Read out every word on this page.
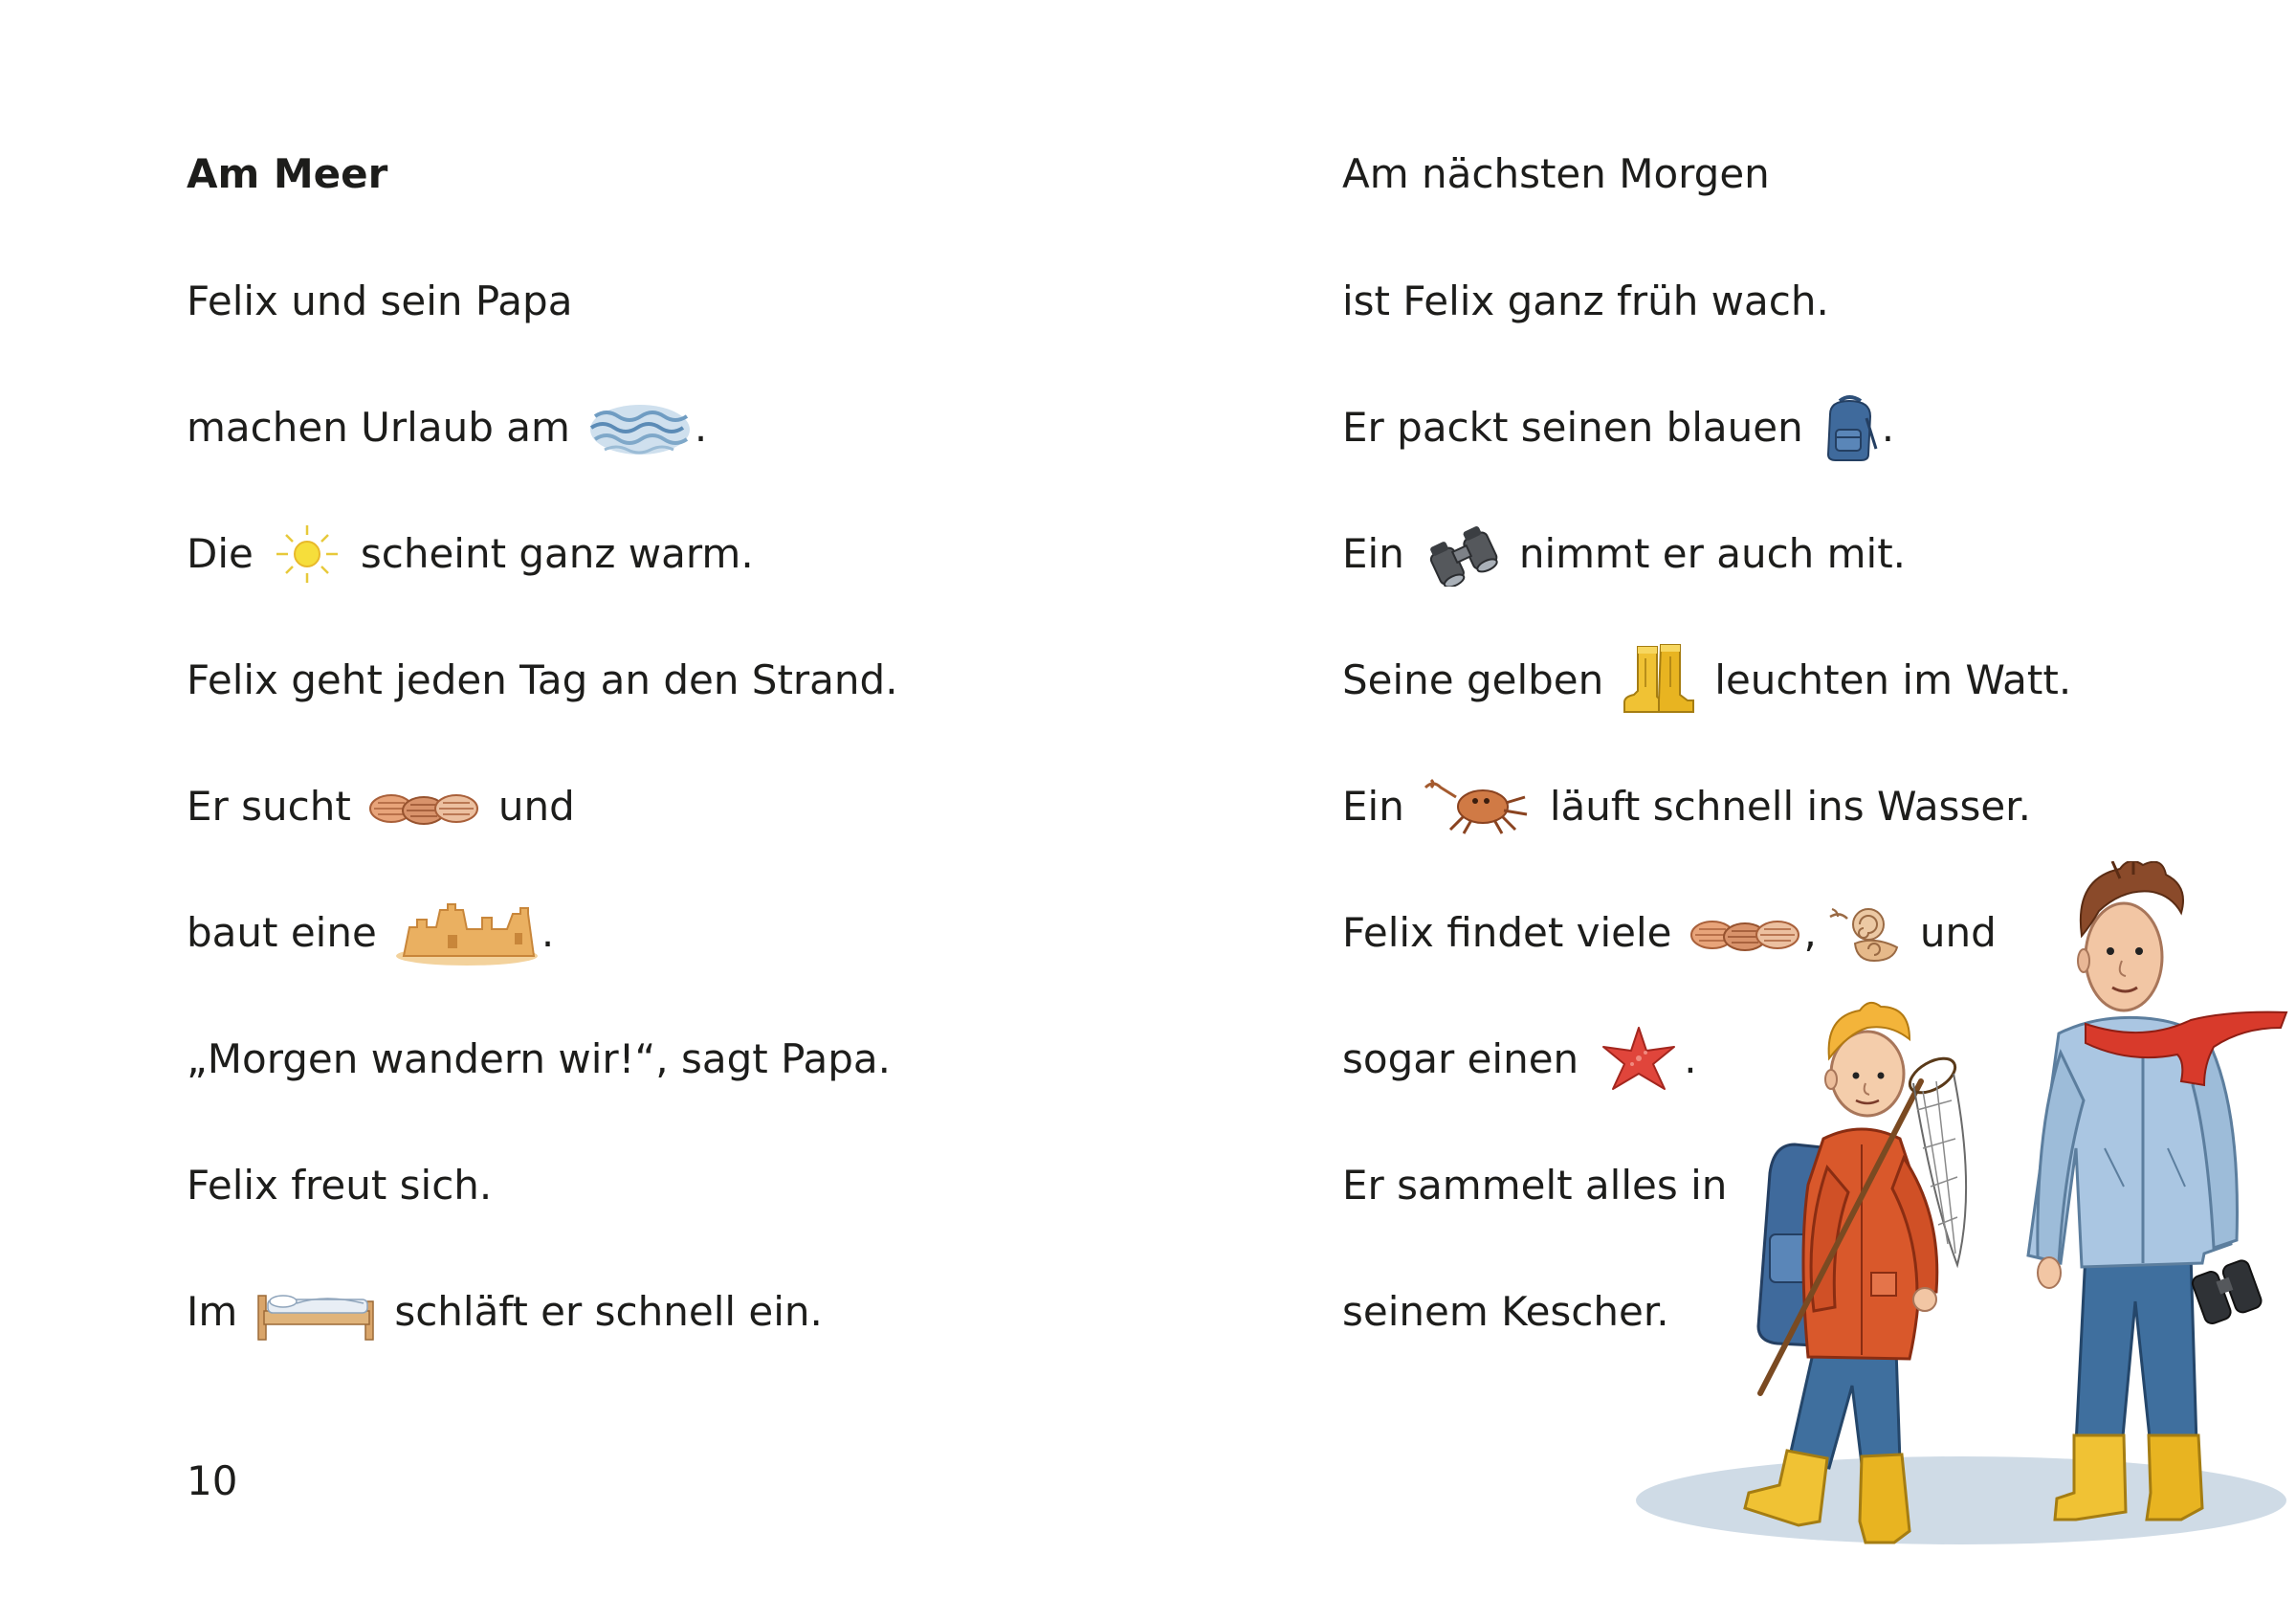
Am Meer
Felix und sein Papa
machen Urlaub am	.
Die	scheint ganz warm.
Felix geht jeden Tag an den Strand.
Er sucht	und
baut eine	.
„Morgen wandern wir!“, sagt Papa.
Felix freut sich.
Im	schläft er schnell ein.
10
Am nächsten Morgen
ist Felix ganz früh wach.
Er packt seinen blauen .
Ein	nimmt er auch mit.
Seine gelben	leuchten im Watt.
Ein	läuft schnell ins Wasser.
Felix findet viele	,	und
sogar einen	.
Er sammelt alles in
seinem Kescher.
